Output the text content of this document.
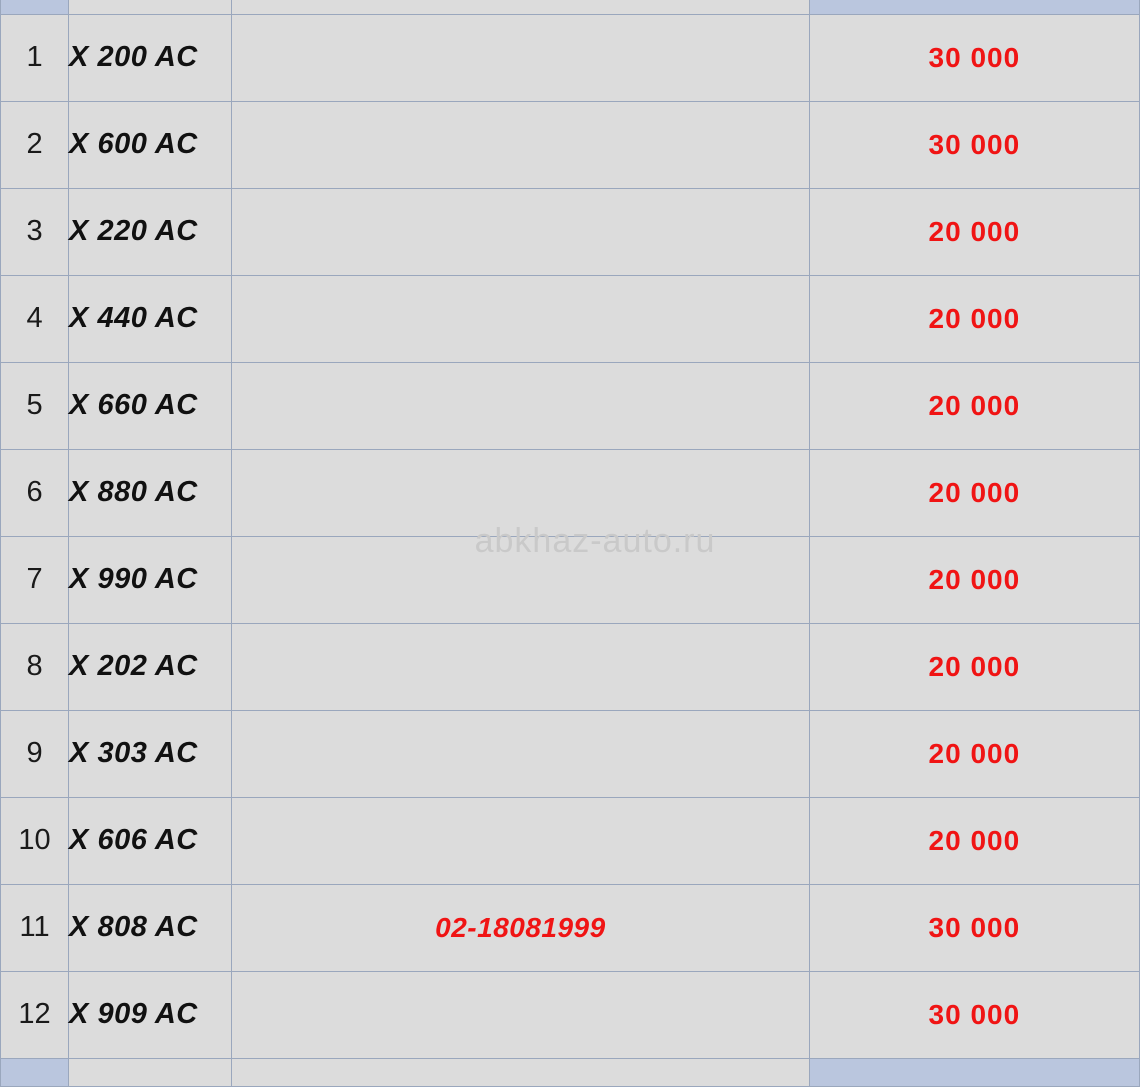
abkhaz-auto.ru

1	X 200 AC		30 000
2	X 600 AC		30 000
3	X 220 AC		20 000
4	X 440 AC		20 000
5	X 660 AC		20 000
6	X 880 AC		20 000
7	X 990 AC		20 000
8	X 202 AC		20 000
9	X 303 AC		20 000
10	X 606 AC		20 000
11	X 808 AC	02-18081999	30 000
12	X 909 AC		30 000
